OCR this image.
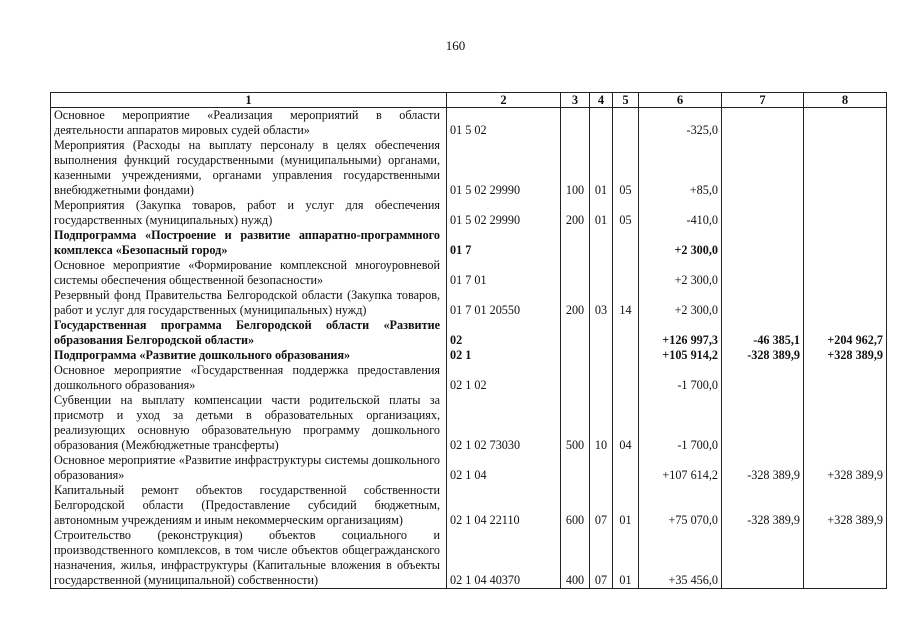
160
1	2	3	4	5	6	7	8
Основное мероприятие «Реализация мероприятий в области деятельности аппаратов мировых судей области»	01 5 02				-325,0		
Мероприятия (Расходы на выплату персоналу в целях обеспечения выполнения функций государственными (муниципальными) органами, казенными учреждениями, органами управления государственными внебюджетными фондами)	01 5 02 29990	100	01	05	+85,0		
Мероприятия (Закупка товаров, работ и услуг для обеспечения государственных (муниципальных) нужд)	01 5 02 29990	200	01	05	-410,0		
Подпрограмма «Построение и развитие аппаратно-программного комплекса «Безопасный город»	01 7				+2 300,0		
Основное мероприятие «Формирование комплексной многоуровневой системы обеспечения общественной безопасности»	01 7 01				+2 300,0		
Резервный фонд Правительства Белгородской области (Закупка товаров, работ и услуг для государственных (муниципальных) нужд)	01 7 01 20550	200	03	14	+2 300,0		
Государственная программа Белгородской области «Развитие образования Белгородской области»	02				+126 997,3	-46 385,1	+204 962,7
Подпрограмма «Развитие дошкольного образования»	02 1				+105 914,2	-328 389,9	+328 389,9
Основное мероприятие «Государственная поддержка предоставления дошкольного образования»	02 1 02				-1 700,0		
Субвенции на выплату компенсации части родительской платы за присмотр и уход за детьми в образовательных организациях, реализующих основную образовательную программу дошкольного образования (Межбюджетные трансферты)	02 1 02 73030	500	10	04	-1 700,0		
Основное мероприятие «Развитие инфраструктуры системы дошкольного образования»	02 1 04				+107 614,2	-328 389,9	+328 389,9
Капитальный ремонт объектов государственной собственности Белгородской области (Предоставление субсидий бюджетным, автономным учреждениям и иным некоммерческим организациям)	02 1 04 22110	600	07	01	+75 070,0	-328 389,9	+328 389,9
Строительство (реконструкция) объектов социального и производственного комплексов, в том числе объектов общегражданского назначения, жилья, инфраструктуры (Капитальные вложения в объекты государственной (муниципальной) собственности)	02 1 04 40370	400	07	01	+35 456,0		
